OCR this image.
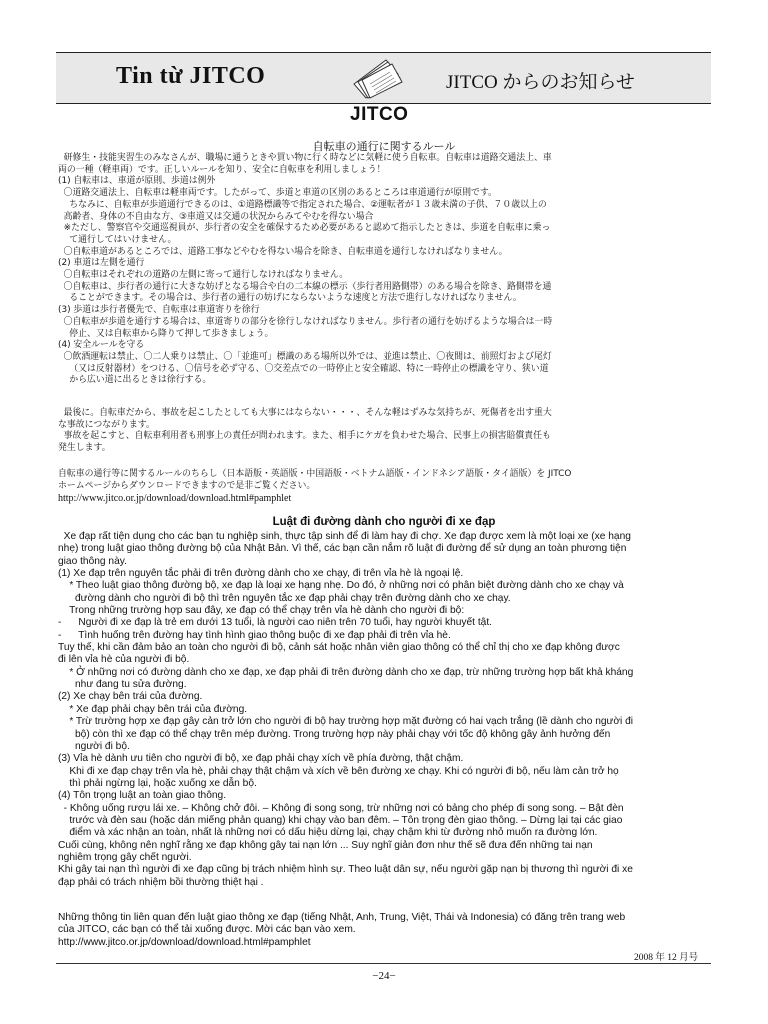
Tin từ JITCO	JITCO からのお知らせ
JITCO
自転車の通行に関するルール
研修生・技能実習生のみなさんが、職場に通うときや買い物に行く時などに気軽に使う自転車。自転車は道路交通法上、車
両の一種（軽車両）です。正しいルールを知り、安全に自転車を利用しましょう！
(1) 自転車は、車道が原則、歩道は例外
〇道路交通法上、自転車は軽車両です。したがって、歩道と車道の区別のあるところは車道通行が原則です。
ちなみに、自転車が歩道通行できるのは、①道路標識等で指定された場合、②運転者が１３歳未満の子供、７０歳以上の
高齢者、身体の不自由な方、③車道又は交通の状況からみてやむを得ない場合
※ただし、警察官や交通巡視員が、歩行者の安全を確保するため必要があると認めて指示したときは、歩道を自転車に乗っ
て通行してはいけません。
〇自転車道があるところでは、道路工事などやむを得ない場合を除き、自転車道を通行しなければなりません。
(2) 車道は左側を通行
〇自転車はそれぞれの道路の左側に寄って通行しなければなりません。
〇自転車は、歩行者の通行に大きな妨げとなる場合や白の二本線の標示（歩行者用路側帯）のある場合を除き、路側帯を通
ることができます。その場合は、歩行者の通行の妨げにならないような速度と方法で進行しなければなりません。
(3) 歩道は歩行者優先で、自転車は車道寄りを徐行
〇自転車が歩道を通行する場合は、車道寄りの部分を徐行しなければなりません。歩行者の通行を妨げるような場合は一時
停止、又は自転車から降りて押して歩きましょう。
(4) 安全ルールを守る
〇飲酒運転は禁止、〇二人乗りは禁止、〇「並進可」標識のある場所以外では、並進は禁止、〇夜間は、前照灯および尾灯
（又は反射器材）をつける、〇信号を必ず守る、〇交差点での一時停止と安全確認、特に一時停止の標識を守り、狭い道
から広い道に出るときは徐行する。
最後に。自転車だから、事故を起こしたとしても大事にはならない・・・、そんな軽はずみな気持ちが、死傷者を出す重大
な事故につながります。
事故を起こすと、自転車利用者も刑事上の責任が問われます。また、相手にケガを負わせた場合、民事上の損害賠償責任も
発生します。
自転車の通行等に関するルールのちらし（日本語版・英語版・中国語版・ベトナム語版・インドネシア語版・タイ語版）を JITCO
ホームページからダウンロードできますので是非ご覧ください。
http://www.jitco.or.jp/download/download.html#pamphlet
Luật đi đường dành cho người đi xe đạp
Xe đạp rất tiện dụng cho các bạn tu nghiệp sinh, thực tập sinh để đi làm hay đi chợ. Xe đạp được xem là một loại xe (xe hạng
nhẹ) trong luật giao thông đường bộ của Nhật Bản. Vì thế, các bạn cần nắm rõ luật đi đường để sử dụng an toàn phương tiện
giao thông này.
(1) Xe đạp trên nguyên tắc phải đi trên đường dành cho xe chạy, đi trên vỉa hè là ngoại lệ.
* Theo luật giao thông đường bộ, xe đạp là loại xe hạng nhẹ. Do đó, ở những nơi có phân biệt đường dành cho xe chạy và
đường dành cho người đi bộ thì trên nguyên tắc xe đạp phải chạy trên đường dành cho xe chạy.
Trong những trường hợp sau đây, xe đạp có thể chạy trên vỉa hè dành cho người đi bộ:
-      Người đi xe đạp là trẻ em dưới 13 tuổi, là người cao niên trên 70 tuổi, hay người khuyết tật.
-      Tình huống trên đường hay tình hình giao thông buộc đi xe đạp phải đi trên vỉa hè.
Tuy thế, khi cần đảm bảo an toàn cho người đi bộ, cảnh sát hoặc nhân viên giao thông có thể chỉ thị cho xe đạp không được
đi lên vỉa hè của người đi bộ.
* Ở những nơi có đường dành cho xe đạp, xe đạp phải đi trên đường dành cho xe đạp, trừ những trường hợp bất khả kháng
như đang tu sửa đường.
(2) Xe chạy bên trái của đường.
* Xe đạp phải chạy bên trái của đường.
* Trừ trường hợp xe đạp gây cản trở lớn cho người đi bộ hay trường hợp mặt đường có hai vạch trắng (lề dành cho người đi
bộ) còn thì xe đạp có thể chạy trên mép đường. Trong trường hợp này phải chạy với tốc độ không gây ảnh hưởng đến
người đi bộ.
(3) Vỉa hè dành ưu tiên cho người đi bộ, xe đạp phải chạy xích về phía đường, thật chậm.
Khi đi xe đạp chạy trên vỉa hè, phải chạy thật chậm và xích về bên đường xe chạy. Khi có người đi bộ, nếu làm cản trở họ
thì phải ngừng lại, hoặc xuống xe dẫn bộ.
(4) Tôn trọng luật an toàn giao thông.
- Không uống rượu lái xe. – Không chở đôi. – Không đi song song, trừ những nơi có bảng cho phép đi song song. – Bật đèn
trước và đèn sau (hoặc dán miếng phản quang) khi chạy vào ban đêm. – Tôn trọng đèn giao thông. – Dừng lại tại các giao
điểm và xác nhận an toàn, nhất là những nơi có dấu hiệu dừng lại, chạy chậm khi từ đường nhỏ muốn ra đường lớn.
Cuối cùng, không nên nghĩ rằng xe đạp không gây tai nạn lớn ... Suy nghĩ giản đơn như thế sẽ đưa đến những tai nạn
nghiêm trọng gây chết người.
Khi gây tai nạn thì người đi xe đạp cũng bị trách nhiệm hình sự. Theo luật dân sự, nếu người gặp nạn bị thương thì người đi xe
đạp phải có trách nhiệm bồi thường thiệt hại .
Những thông tin liên quan đến luật giao thông xe đạp (tiếng Nhật, Anh, Trung, Việt, Thái và Indonesia) có đăng trên trang web
của JITCO, các bạn có thể tải xuống được. Mời các bạn vào xem.
http://www.jitco.or.jp/download/download.html#pamphlet
2008 年 12 月号
−24−
